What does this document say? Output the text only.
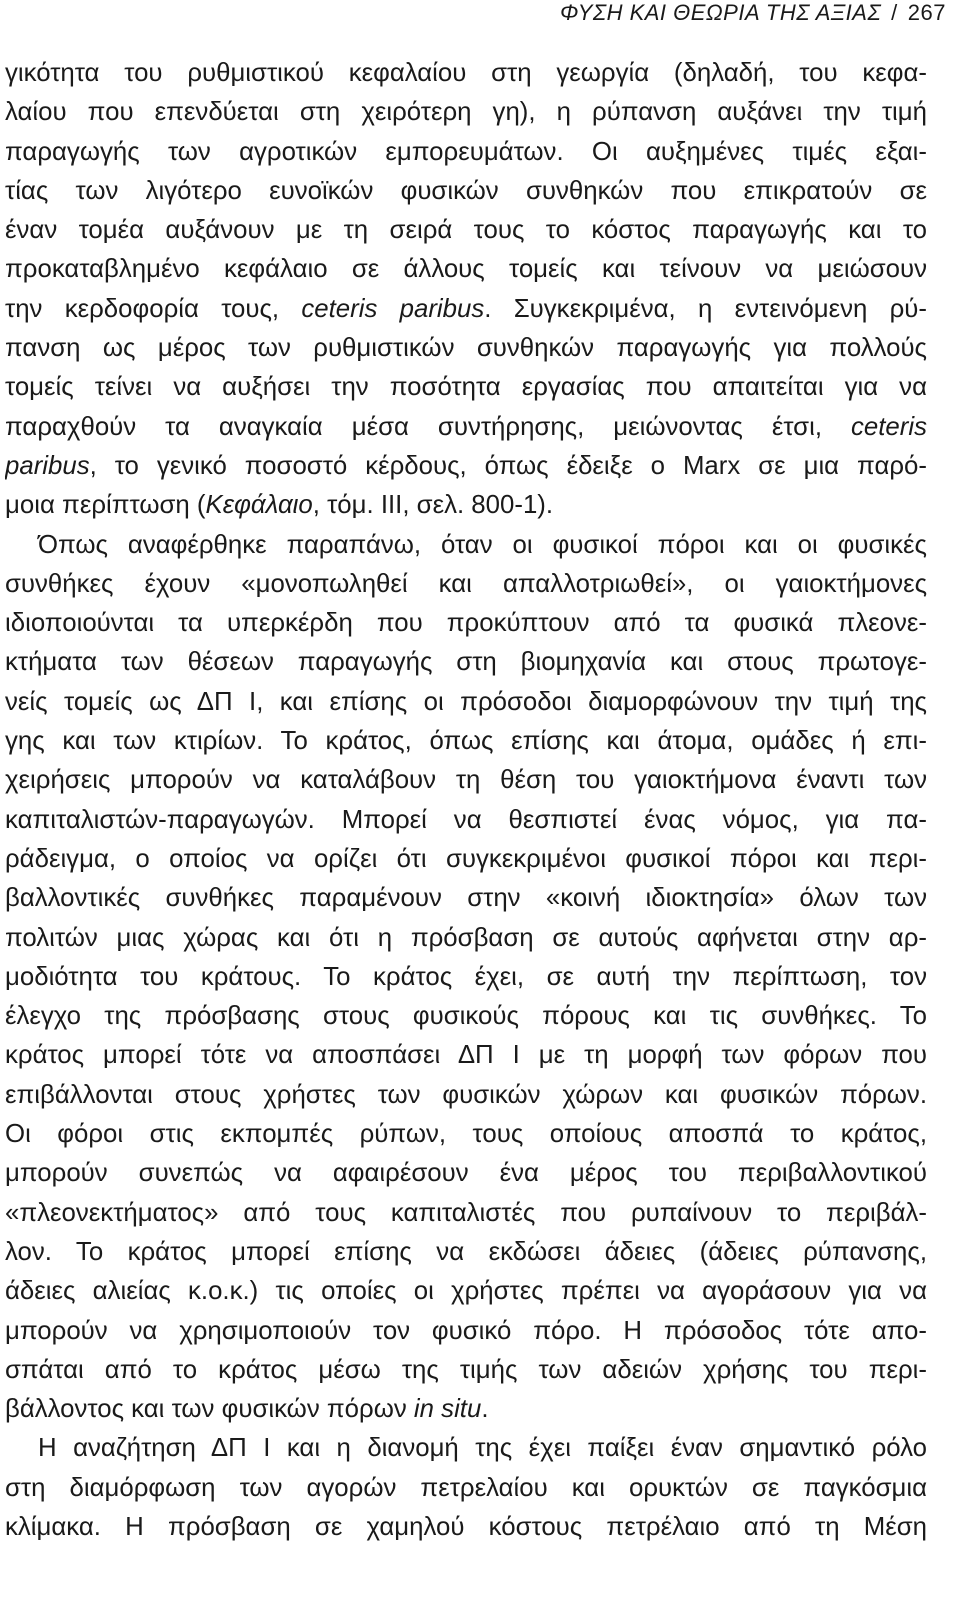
ΦΥΣΗ ΚΑΙ ΘΕΩΡΙΑ ΤΗΣ ΑΞΙΑΣ / 267
γικότητα του ρυθμιστικού κεφαλαίου στη γεωργία (δηλαδή, του κεφα-
λαίου που επενδύεται στη χειρότερη γη), η ρύπανση αυξάνει την τιμή
παραγωγής των αγροτικών εμπορευμάτων. Οι αυξημένες τιμές εξαι-
τίας των λιγότερο ευνοϊκών φυσικών συνθηκών που επικρατούν σε
έναν τομέα αυξάνουν με τη σειρά τους το κόστος παραγωγής και το
προκαταβλημένο κεφάλαιο σε άλλους τομείς και τείνουν να μειώσουν
την κερδοφορία τους, ceteris paribus. Συγκεκριμένα, η εντεινόμενη ρύ-
πανση ως μέρος των ρυθμιστικών συνθηκών παραγωγής για πολλούς
τομείς τείνει να αυξήσει την ποσότητα εργασίας που απαιτείται για να
παραχθούν τα αναγκαία μέσα συντήρησης, μειώνοντας έτσι, ceteris
paribus, το γενικό ποσοστό κέρδους, όπως έδειξε ο Marx σε μια παρό-
μοια περίπτωση (Κεφάλαιο, τόμ. III, σελ. 800-1).
Όπως αναφέρθηκε παραπάνω, όταν οι φυσικοί πόροι και οι φυσικές
συνθήκες έχουν «μονοπωληθεί και απαλλοτριωθεί», οι γαιοκτήμονες
ιδιοποιούνται τα υπερκέρδη που προκύπτουν από τα φυσικά πλεονε-
κτήματα των θέσεων παραγωγής στη βιομηχανία και στους πρωτογε-
νείς τομείς ως ΔΠ Ι, και επίσης οι πρόσοδοι διαμορφώνουν την τιμή της
γης και των κτιρίων. Το κράτος, όπως επίσης και άτομα, ομάδες ή επι-
χειρήσεις μπορούν να καταλάβουν τη θέση του γαιοκτήμονα έναντι των
καπιταλιστών-παραγωγών. Μπορεί να θεσπιστεί ένας νόμος, για πα-
ράδειγμα, ο οποίος να ορίζει ότι συγκεκριμένοι φυσικοί πόροι και περι-
βαλλοντικές συνθήκες παραμένουν στην «κοινή ιδιοκτησία» όλων των
πολιτών μιας χώρας και ότι η πρόσβαση σε αυτούς αφήνεται στην αρ-
μοδιότητα του κράτους. Το κράτος έχει, σε αυτή την περίπτωση, τον
έλεγχο της πρόσβασης στους φυσικούς πόρους και τις συνθήκες. Το
κράτος μπορεί τότε να αποσπάσει ΔΠ Ι με τη μορφή των φόρων που
επιβάλλονται στους χρήστες των φυσικών χώρων και φυσικών πόρων.
Οι φόροι στις εκπομπές ρύπων, τους οποίους αποσπά το κράτος,
μπορούν συνεπώς να αφαιρέσουν ένα μέρος του περιβαλλοντικού
«πλεονεκτήματος» από τους καπιταλιστές που ρυπαίνουν το περιβάλ-
λον. Το κράτος μπορεί επίσης να εκδώσει άδειες (άδειες ρύπανσης,
άδειες αλιείας κ.ο.κ.) τις οποίες οι χρήστες πρέπει να αγοράσουν για να
μπορούν να χρησιμοποιούν τον φυσικό πόρο. Η πρόσοδος τότε απο-
σπάται από το κράτος μέσω της τιμής των αδειών χρήσης του περι-
βάλλοντος και των φυσικών πόρων in situ.
Η αναζήτηση ΔΠ Ι και η διανομή της έχει παίξει έναν σημαντικό ρόλο
στη διαμόρφωση των αγορών πετρελαίου και ορυκτών σε παγκόσμια
κλίμακα. Η πρόσβαση σε χαμηλού κόστους πετρέλαιο από τη Μέση
